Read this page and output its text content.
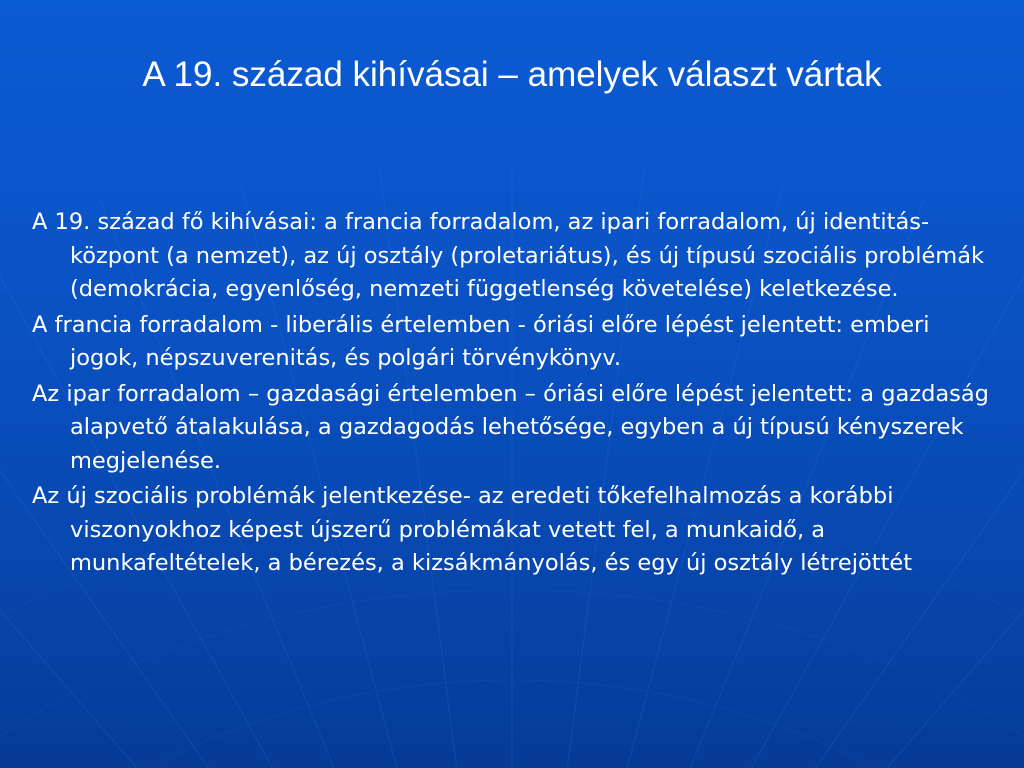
A 19. század kihívásai – amelyek választ vártak
A 19. század fő kihívásai: a francia forradalom, az ipari forradalom, új identitás-központ (a nemzet), az új osztály (proletariátus), és új típusú szociális problémák (demokrácia, egyenlőség, nemzeti függetlenség követelése) keletkezése.
A francia forradalom - liberális értelemben - óriási előre lépést jelentett: emberi jogok, népszuverenitás, és polgári törvénykönyv.
Az ipar forradalom – gazdasági értelemben – óriási előre lépést jelentett: a gazdaság alapvető átalakulása, a gazdagodás lehetősége, egyben a új típusú kényszerek megjelenése.
Az új szociális problémák jelentkezése- az eredeti tőkefelhalmozás a korábbi viszonyokhoz képest újszerű problémákat vetett fel, a munkaidő, a munkafeltételek, a bérezés, a kizsákmányolás, és egy új osztály létrejöttét
